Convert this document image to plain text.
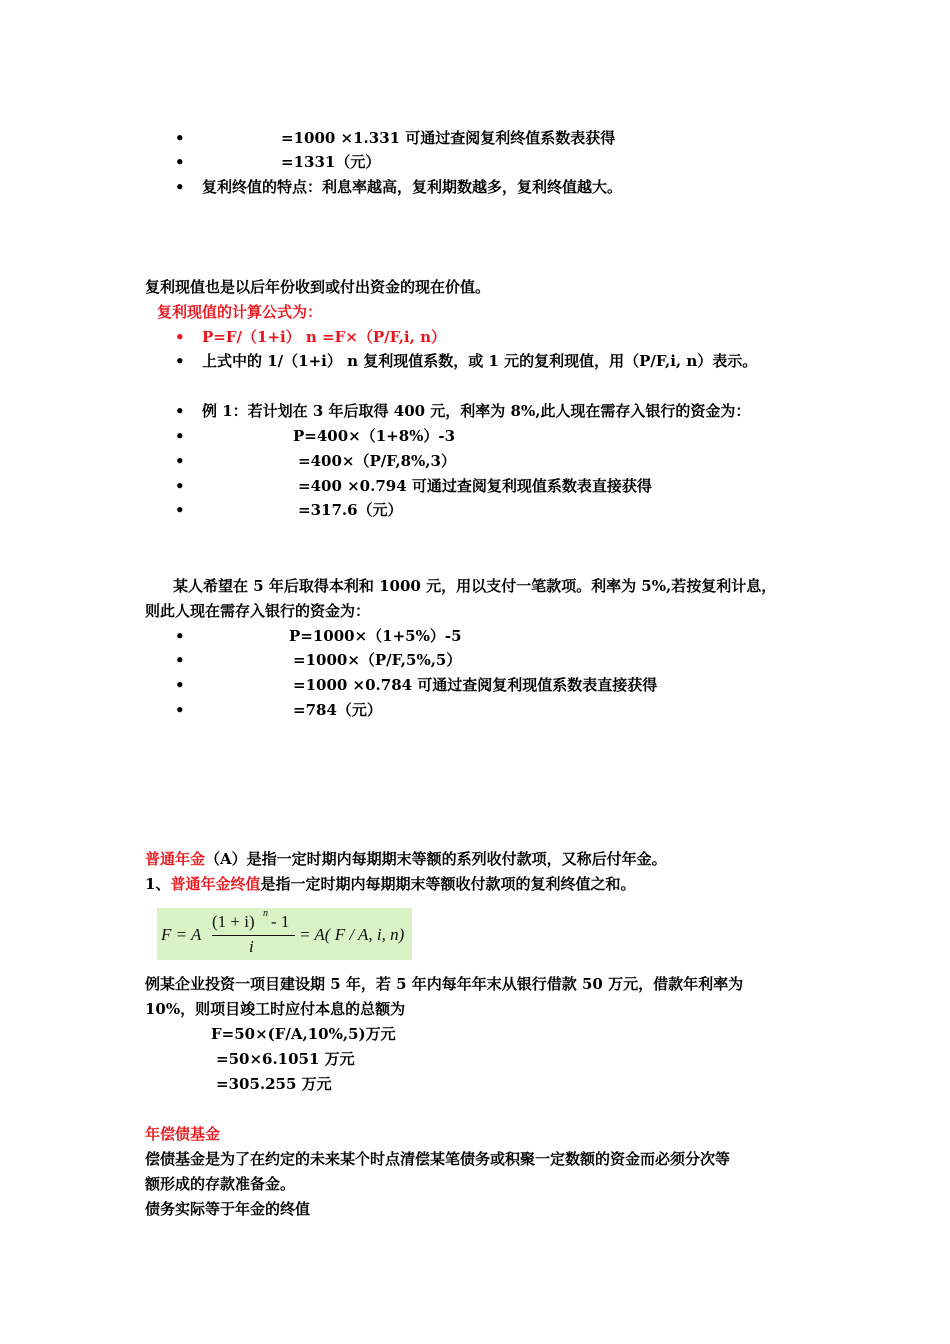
•	=1000 ×1.331 可通过查阅复利终值系数表获得
•	=1331（元）
• 复利终值的特点：利息率越高，复利期数越多，复利终值越大。
复利现值也是以后年份收到或付出资金的现在价值。
复利现值的计算公式为：
• P=F/（1+i） n =F×（P/F,i, n）
• 上式中的 1/（1+i） n 复利现值系数，或 1 元的复利现值，用（P/F,i, n）表示。
• 例 1：若计划在 3 年后取得 400 元，利率为 8%,此人现在需存入银行的资金为：
•	P=400×（1+8%）-3
•	=400×（P/F,8%,3）
•	=400 ×0.794 可通过查阅复利现值系数表直接获得
•	=317.6（元）
某人希望在 5 年后取得本利和 1000 元，用以支付一笔款项。利率为 5%,若按复利计息，
则此人现在需存入银行的资金为：
•	P=1000×（1+5%）-5
•	=1000×（P/F,5%,5）
•	=1000 ×0.784 可通过查阅复利现值系数表直接获得
•	=784（元）
普通年金（A）是指一定时期内每期期末等额的系列收付款项，又称后付年金。
1、普通年金终值是指一定时期内每期期末等额收付款项的复利终值之和。
F = A
(1 + i) n - 1
i
= A( F / A, i, n)
例某企业投资一项目建设期 5 年，若 5 年内每年年末从银行借款 50 万元，借款年利率为
10%，则项目竣工时应付本息的总额为
F=50×(F/A,10%,5)万元
=50×6.1051 万元
=305.255 万元
年偿债基金
偿债基金是为了在约定的未来某个时点清偿某笔债务或积聚一定数额的资金而必须分次等
额形成的存款准备金。
债务实际等于年金的终值
